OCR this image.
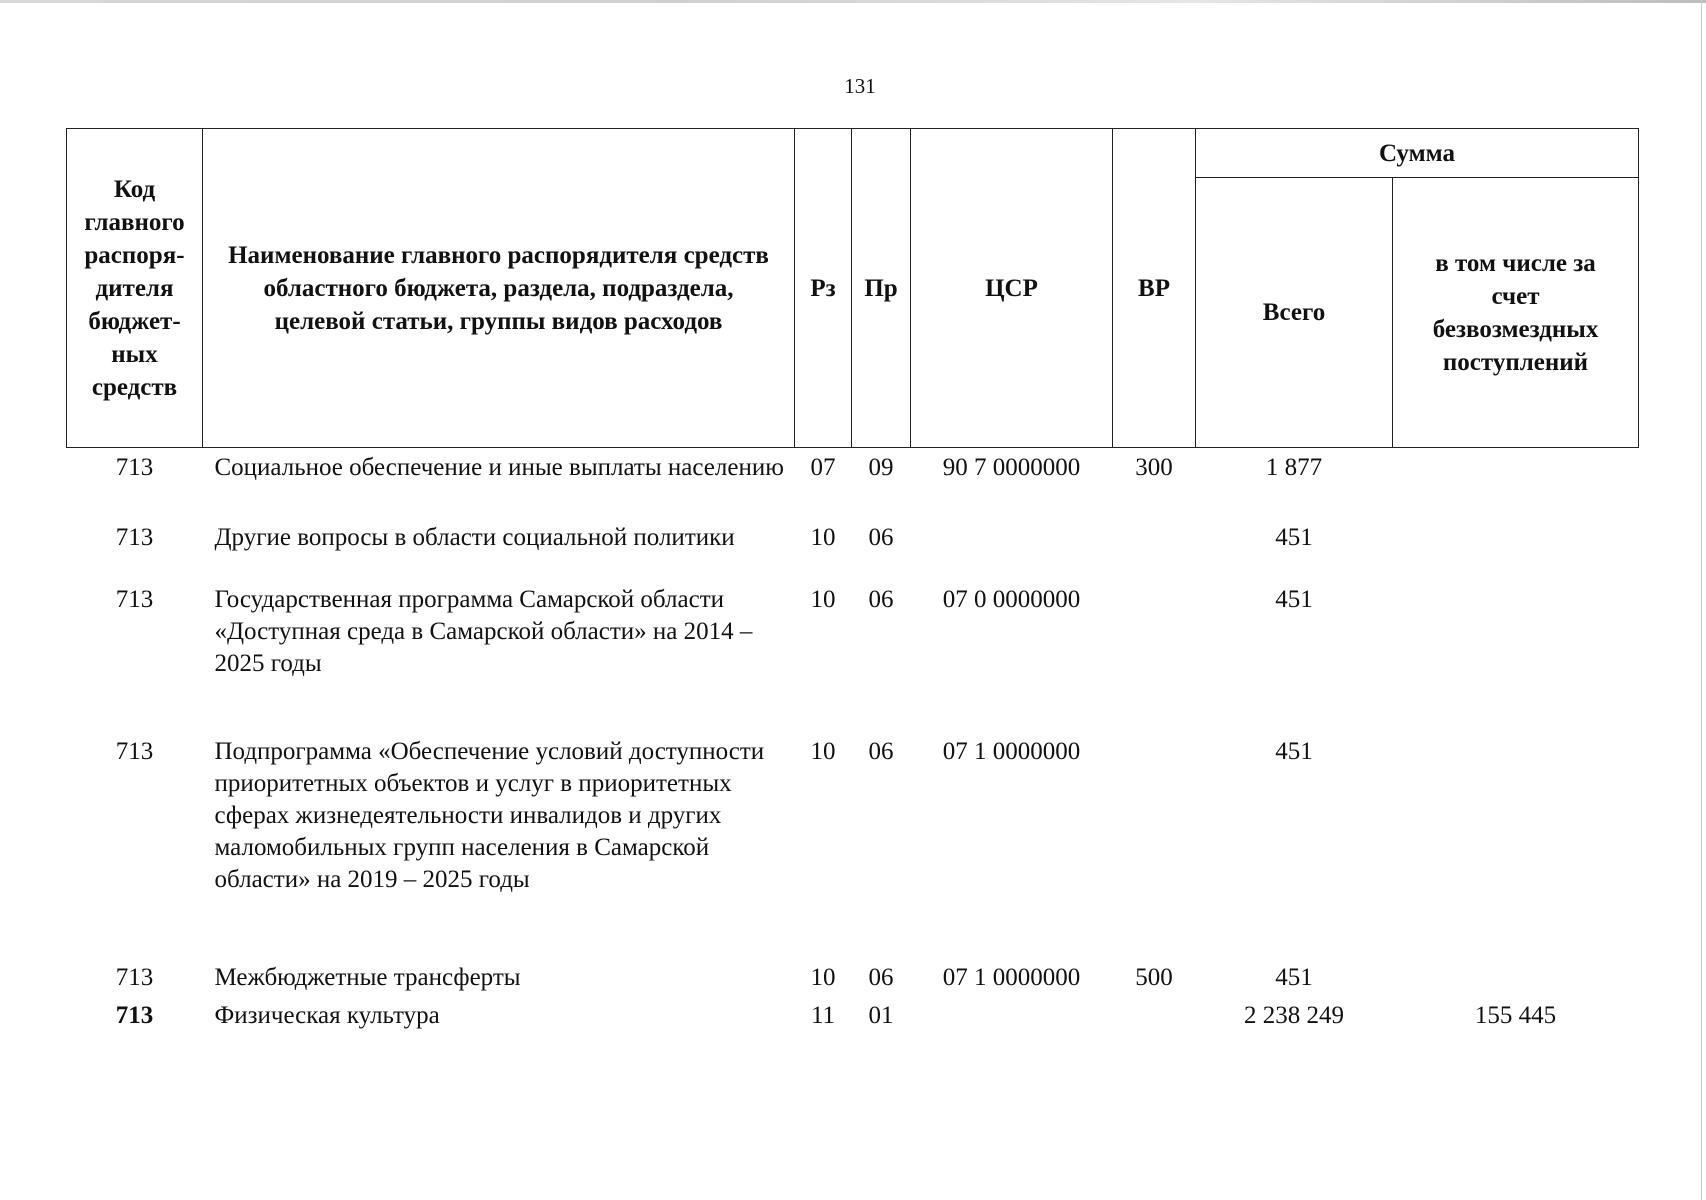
131
Код главного распоря-дителя бюджет-ных средств	Наименование главного распорядителя средств областного бюджета, раздела, подраздела, целевой статьи, группы видов расходов	Рз	Пр	ЦСР	ВР	Сумма	
						Всего	в том числе за счет безвозмездных поступлений
713	Социальное обеспечение и иные выплаты населению	07	09	90 7 0000000	300	1 877	
713	Другие вопросы в области социальной политики	10	06			451	
713	Государственная программа Самарской области «Доступная среда в Самарской области» на 2014 – 2025 годы	10	06	07 0 0000000		451	
713	Подпрограмма «Обеспечение условий доступности приоритетных объектов и услуг в приоритетных сферах жизнедеятельности инвалидов и других маломобильных групп населения в Самарской области» на 2019 – 2025 годы	10	06	07 1 0000000		451	
713	Межбюджетные трансферты	10	06	07 1 0000000	500	451	
713	Физическая культура	11	01			2 238 249	155 445
